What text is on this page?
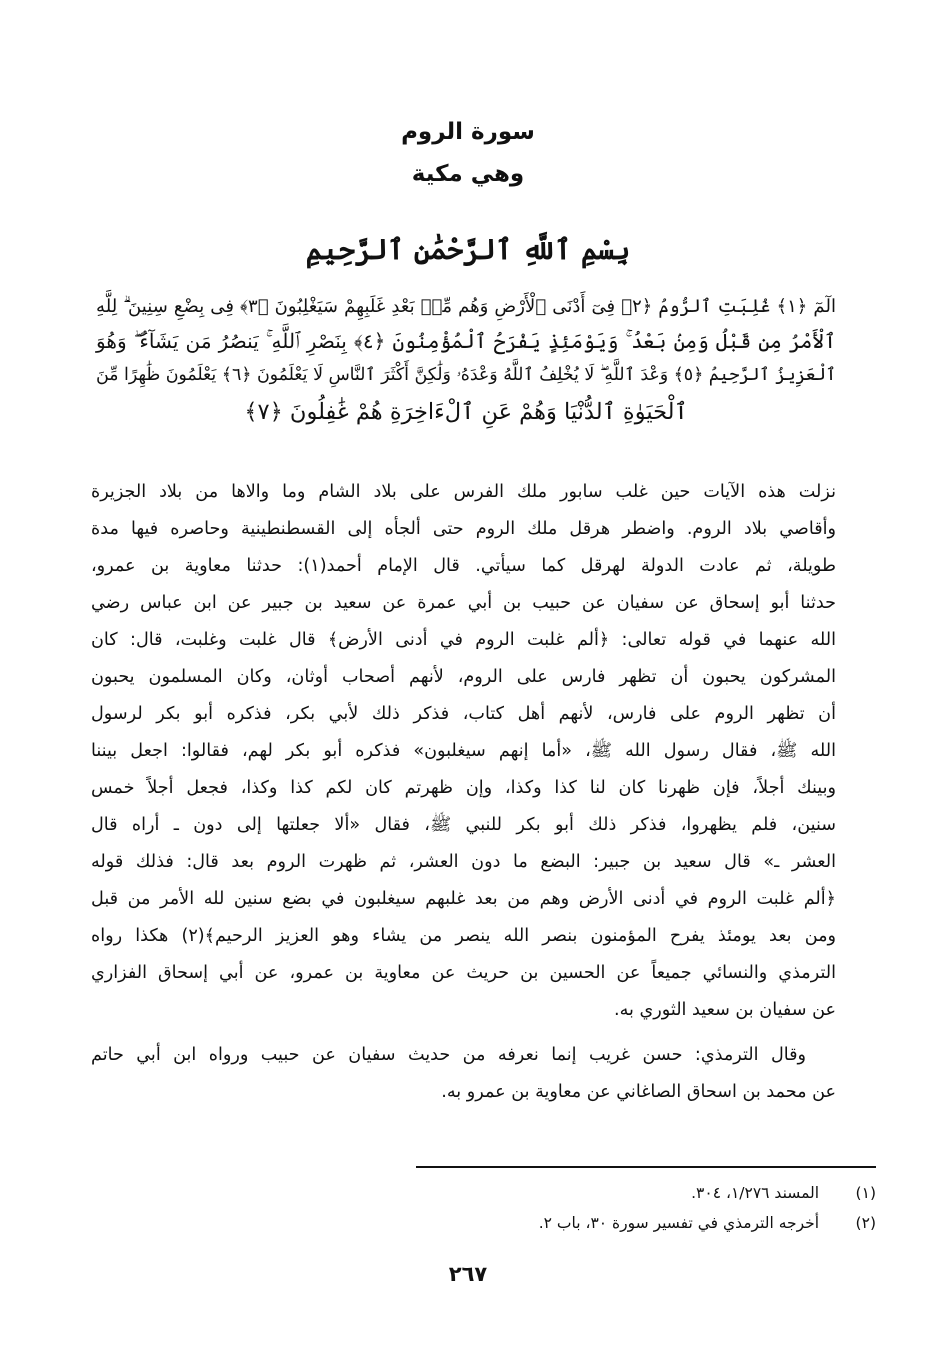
سورة الروم
وهي مكية
بِسْمِ ٱللَّهِ ٱلرَّحْمَٰنِ ٱلرَّحِيمِ
الٓمٓ ﴿١﴾ غُلِبَتِ ٱلرُّومُ ﴿٢﴾ فِىٓ أَدْنَى ٱلْأَرْضِ وَهُم مِّنۢ بَعْدِ غَلَبِهِمْ سَيَغْلِبُونَ ﴿٣﴾ فِى بِضْعِ سِنِينَ ۗ لِلَّهِ
ٱلْأَمْرُ مِن قَبْلُ وَمِنۢ بَعْدُ ۚ وَيَوْمَئِذٍ يَفْرَحُ ٱلْمُؤْمِنُونَ ﴿٤﴾ بِنَصْرِ ٱللَّهِ ۚ يَنصُرُ مَن يَشَآءُ ۖ وَهُوَ
ٱلْعَزِيزُ ٱلرَّحِيمُ ﴿٥﴾ وَعْدَ ٱللَّهِ ۖ لَا يُخْلِفُ ٱللَّهُ وَعْدَهُۥ وَلَٰكِنَّ أَكْثَرَ ٱلنَّاسِ لَا يَعْلَمُونَ ﴿٦﴾ يَعْلَمُونَ ظَٰهِرًا مِّنَ
ٱلْحَيَوٰةِ ٱلدُّنْيَا وَهُمْ عَنِ ٱلْءَاخِرَةِ هُمْ غَٰفِلُونَ ﴿٧﴾
نزلت هذه الآيات حين غلب سابور ملك الفرس على بلاد الشام وما والاها من بلاد الجزيرة
وأقاصي بلاد الروم. واضطر هرقل ملك الروم حتى ألجأه إلى القسطنطينية وحاصره فيها مدة
طويلة، ثم عادت الدولة لهرقل كما سيأتي. قال الإمام أحمد(١): حدثنا معاوية بن عمرو،
حدثنا أبو إسحاق عن سفيان عن حبيب بن أبي عمرة عن سعيد بن جبير عن ابن عباس رضي
الله عنهما في قوله تعالى: ﴿ألم غلبت الروم في أدنى الأرض﴾ قال غلبت وغلبت، قال: كان
المشركون يحبون أن تظهر فارس على الروم، لأنهم أصحاب أوثان، وكان المسلمون يحبون
أن تظهر الروم على فارس، لأنهم أهل كتاب، فذكر ذلك لأبي بكر، فذكره أبو بكر لرسول
الله ﷺ، فقال رسول الله ﷺ، «أما إنهم سيغلبون» فذكره أبو بكر لهم، فقالوا: اجعل بيننا
وبينك أجلاً، فإن ظهرنا كان لنا كذا وكذا، وإن ظهرتم كان لكم كذا وكذا، فجعل أجلاً خمس
سنين، فلم يظهروا، فذكر ذلك أبو بكر للنبي ﷺ، فقال «ألا جعلتها إلى دون ـ أراه قال
العشر ـ» قال سعيد بن جبير: البضع ما دون العشر، ثم ظهرت الروم بعد قال: فذلك قوله
﴿ألم غلبت الروم في أدنى الأرض وهم من بعد غلبهم سيغلبون في بضع سنين لله الأمر من قبل
ومن بعد يومئذ يفرح المؤمنون بنصر الله ينصر من يشاء وهو العزيز الرحيم﴾(٢) هكذا رواه
الترمذي والنسائي جميعاً عن الحسين بن حريث عن معاوية بن عمرو، عن أبي إسحاق الفزاري
عن سفيان بن سعيد الثوري به.
وقال الترمذي: حسن غريب إنما نعرفه من حديث سفيان عن حبيب ورواه ابن أبي حاتم
عن محمد بن اسحاق الصاغاني عن معاوية بن عمرو به.
(١) المسند ١/٢٧٦، ٣٠٤.
(٢) أخرجه الترمذي في تفسير سورة ٣٠، باب ٢.
٢٦٧
